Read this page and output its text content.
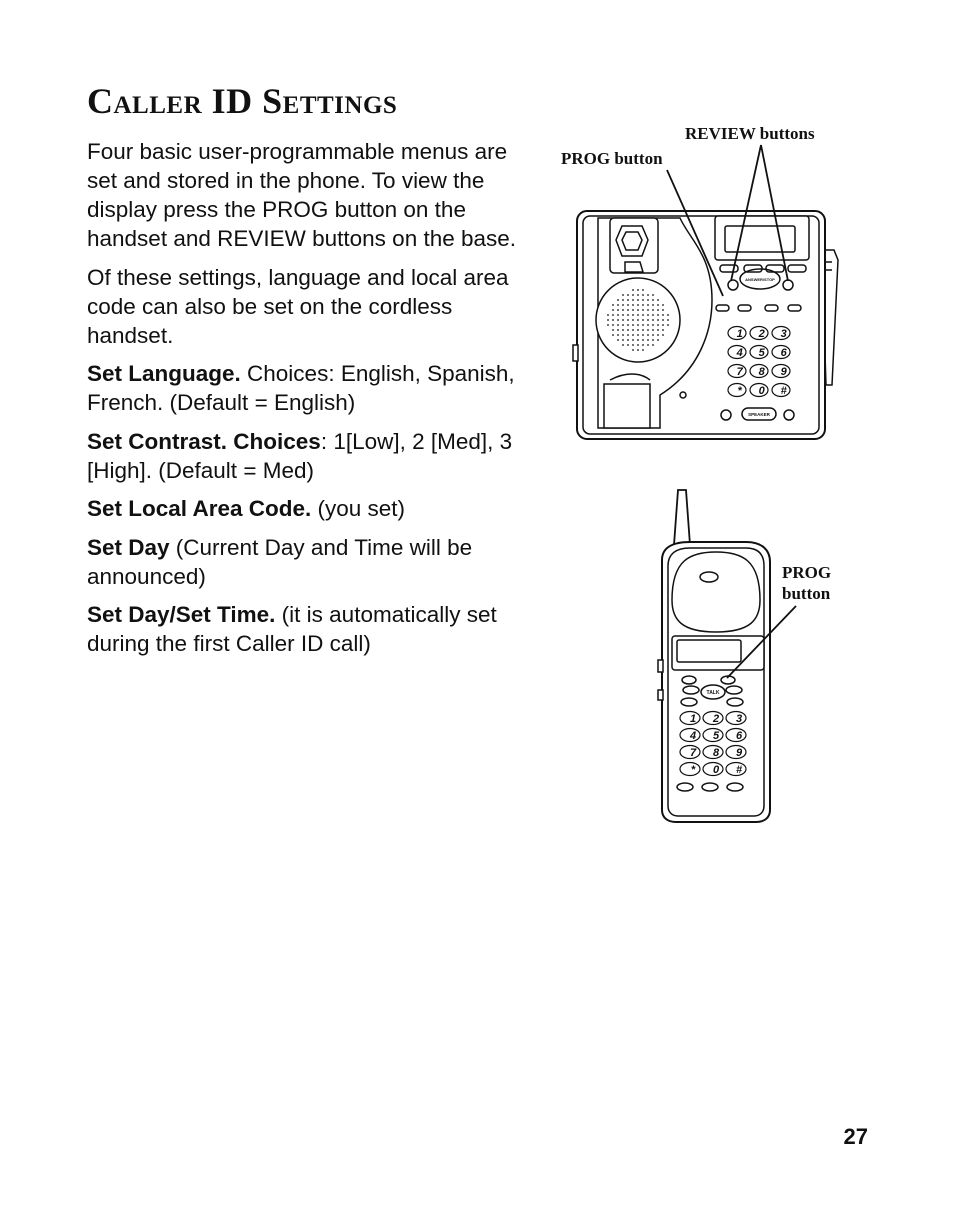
Caller ID Settings

Four basic user-programmable menus are set and stored in the phone. To view the display press the PROG button on the handset and REVIEW buttons on the base.

Of these settings, language and local area code can also be set on the cordless handset.

Set Language. Choices: English, Spanish, French. (Default = English)

Set Contrast. Choices: 1[Low], 2 [Med], 3 [High]. (Default = Med)

Set Local Area Code. (you set)

Set Day (Current Day and Time will be announced)

Set Day/Set Time. (it is automatically set during the first Caller ID call)

1 2 3
4 5 6
7 8 9
* 0 #
ANSWER/STOP
SPEAKER
TALK
1 2 3
4 5 6
7 8 9
* 0 #
REVIEW buttons
PROG button
PROG
button
27
